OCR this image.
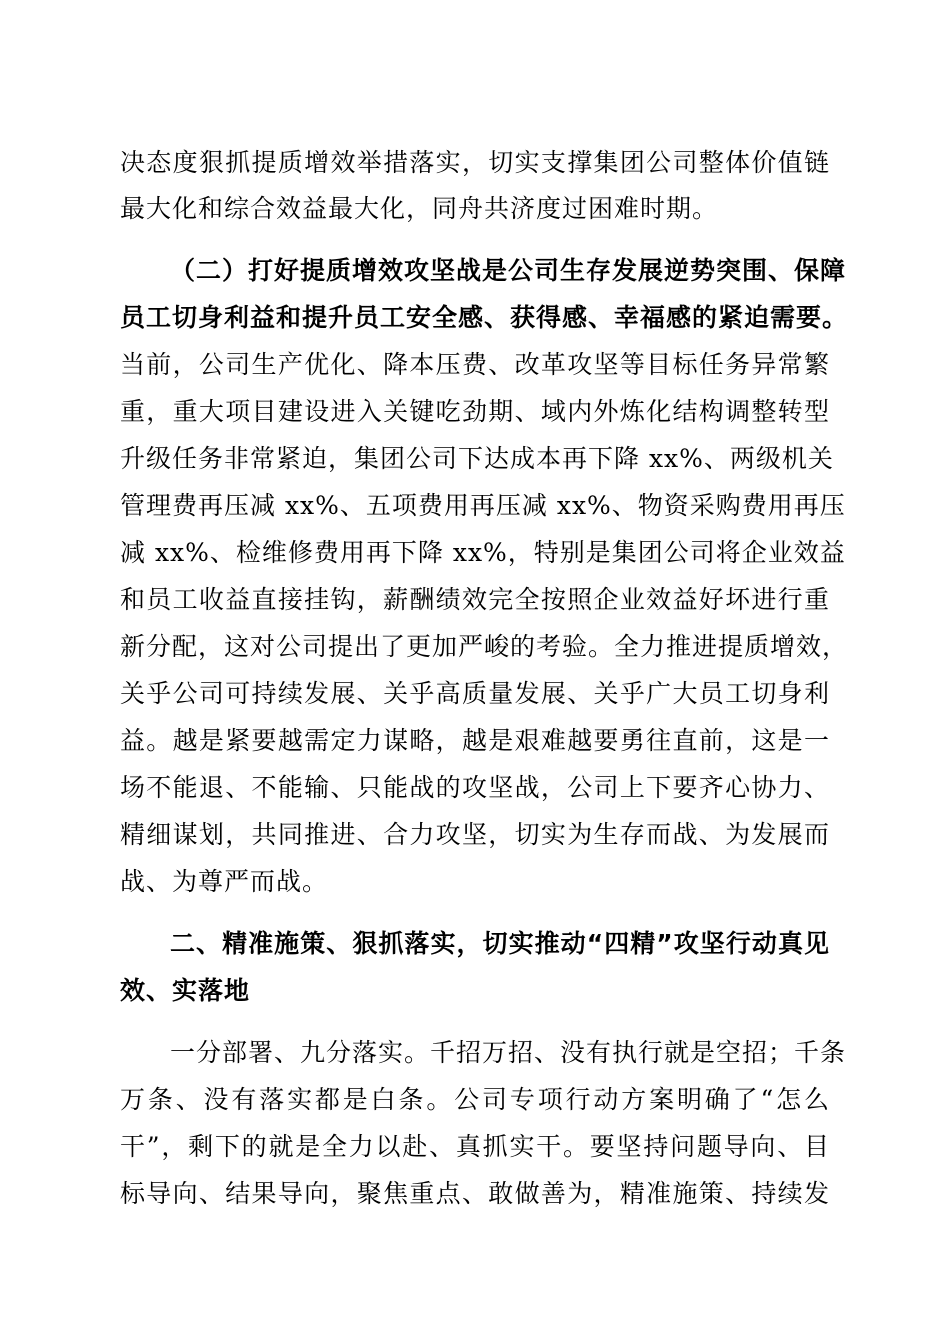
决态度狠抓提质增效举措落实，切实支撑集团公司整体价值链
最大化和综合效益最大化，同舟共济度过困难时期。
（二）打好提质增效攻坚战是公司生存发展逆势突围、保障
员工切身利益和提升员工安全感、获得感、幸福感的紧迫需要。
当前，公司生产优化、降本压费、改革攻坚等目标任务异常繁
重，重大项目建设进入关键吃劲期、域内外炼化结构调整转型
升级任务非常紧迫，集团公司下达成本再下降 xx%、两级机关
管理费再压减 xx%、五项费用再压减 xx%、物资采购费用再压
减 xx%、检维修费用再下降 xx%，特别是集团公司将企业效益
和员工收益直接挂钩，薪酬绩效完全按照企业效益好坏进行重
新分配，这对公司提出了更加严峻的考验。全力推进提质增效，
关乎公司可持续发展、关乎高质量发展、关乎广大员工切身利
益。越是紧要越需定力谋略，越是艰难越要勇往直前，这是一
场不能退、不能输、只能战的攻坚战，公司上下要齐心协力、
精细谋划，共同推进、合力攻坚，切实为生存而战、为发展而
战、为尊严而战。
二、精准施策、狠抓落实，切实推动“四精”攻坚行动真见
效、实落地
一分部署、九分落实。千招万招、没有执行就是空招；千条
万条、没有落实都是白条。公司专项行动方案明确了“怎么
干”，剩下的就是全力以赴、真抓实干。要坚持问题导向、目
标导向、结果导向，聚焦重点、敢做善为，精准施策、持续发
